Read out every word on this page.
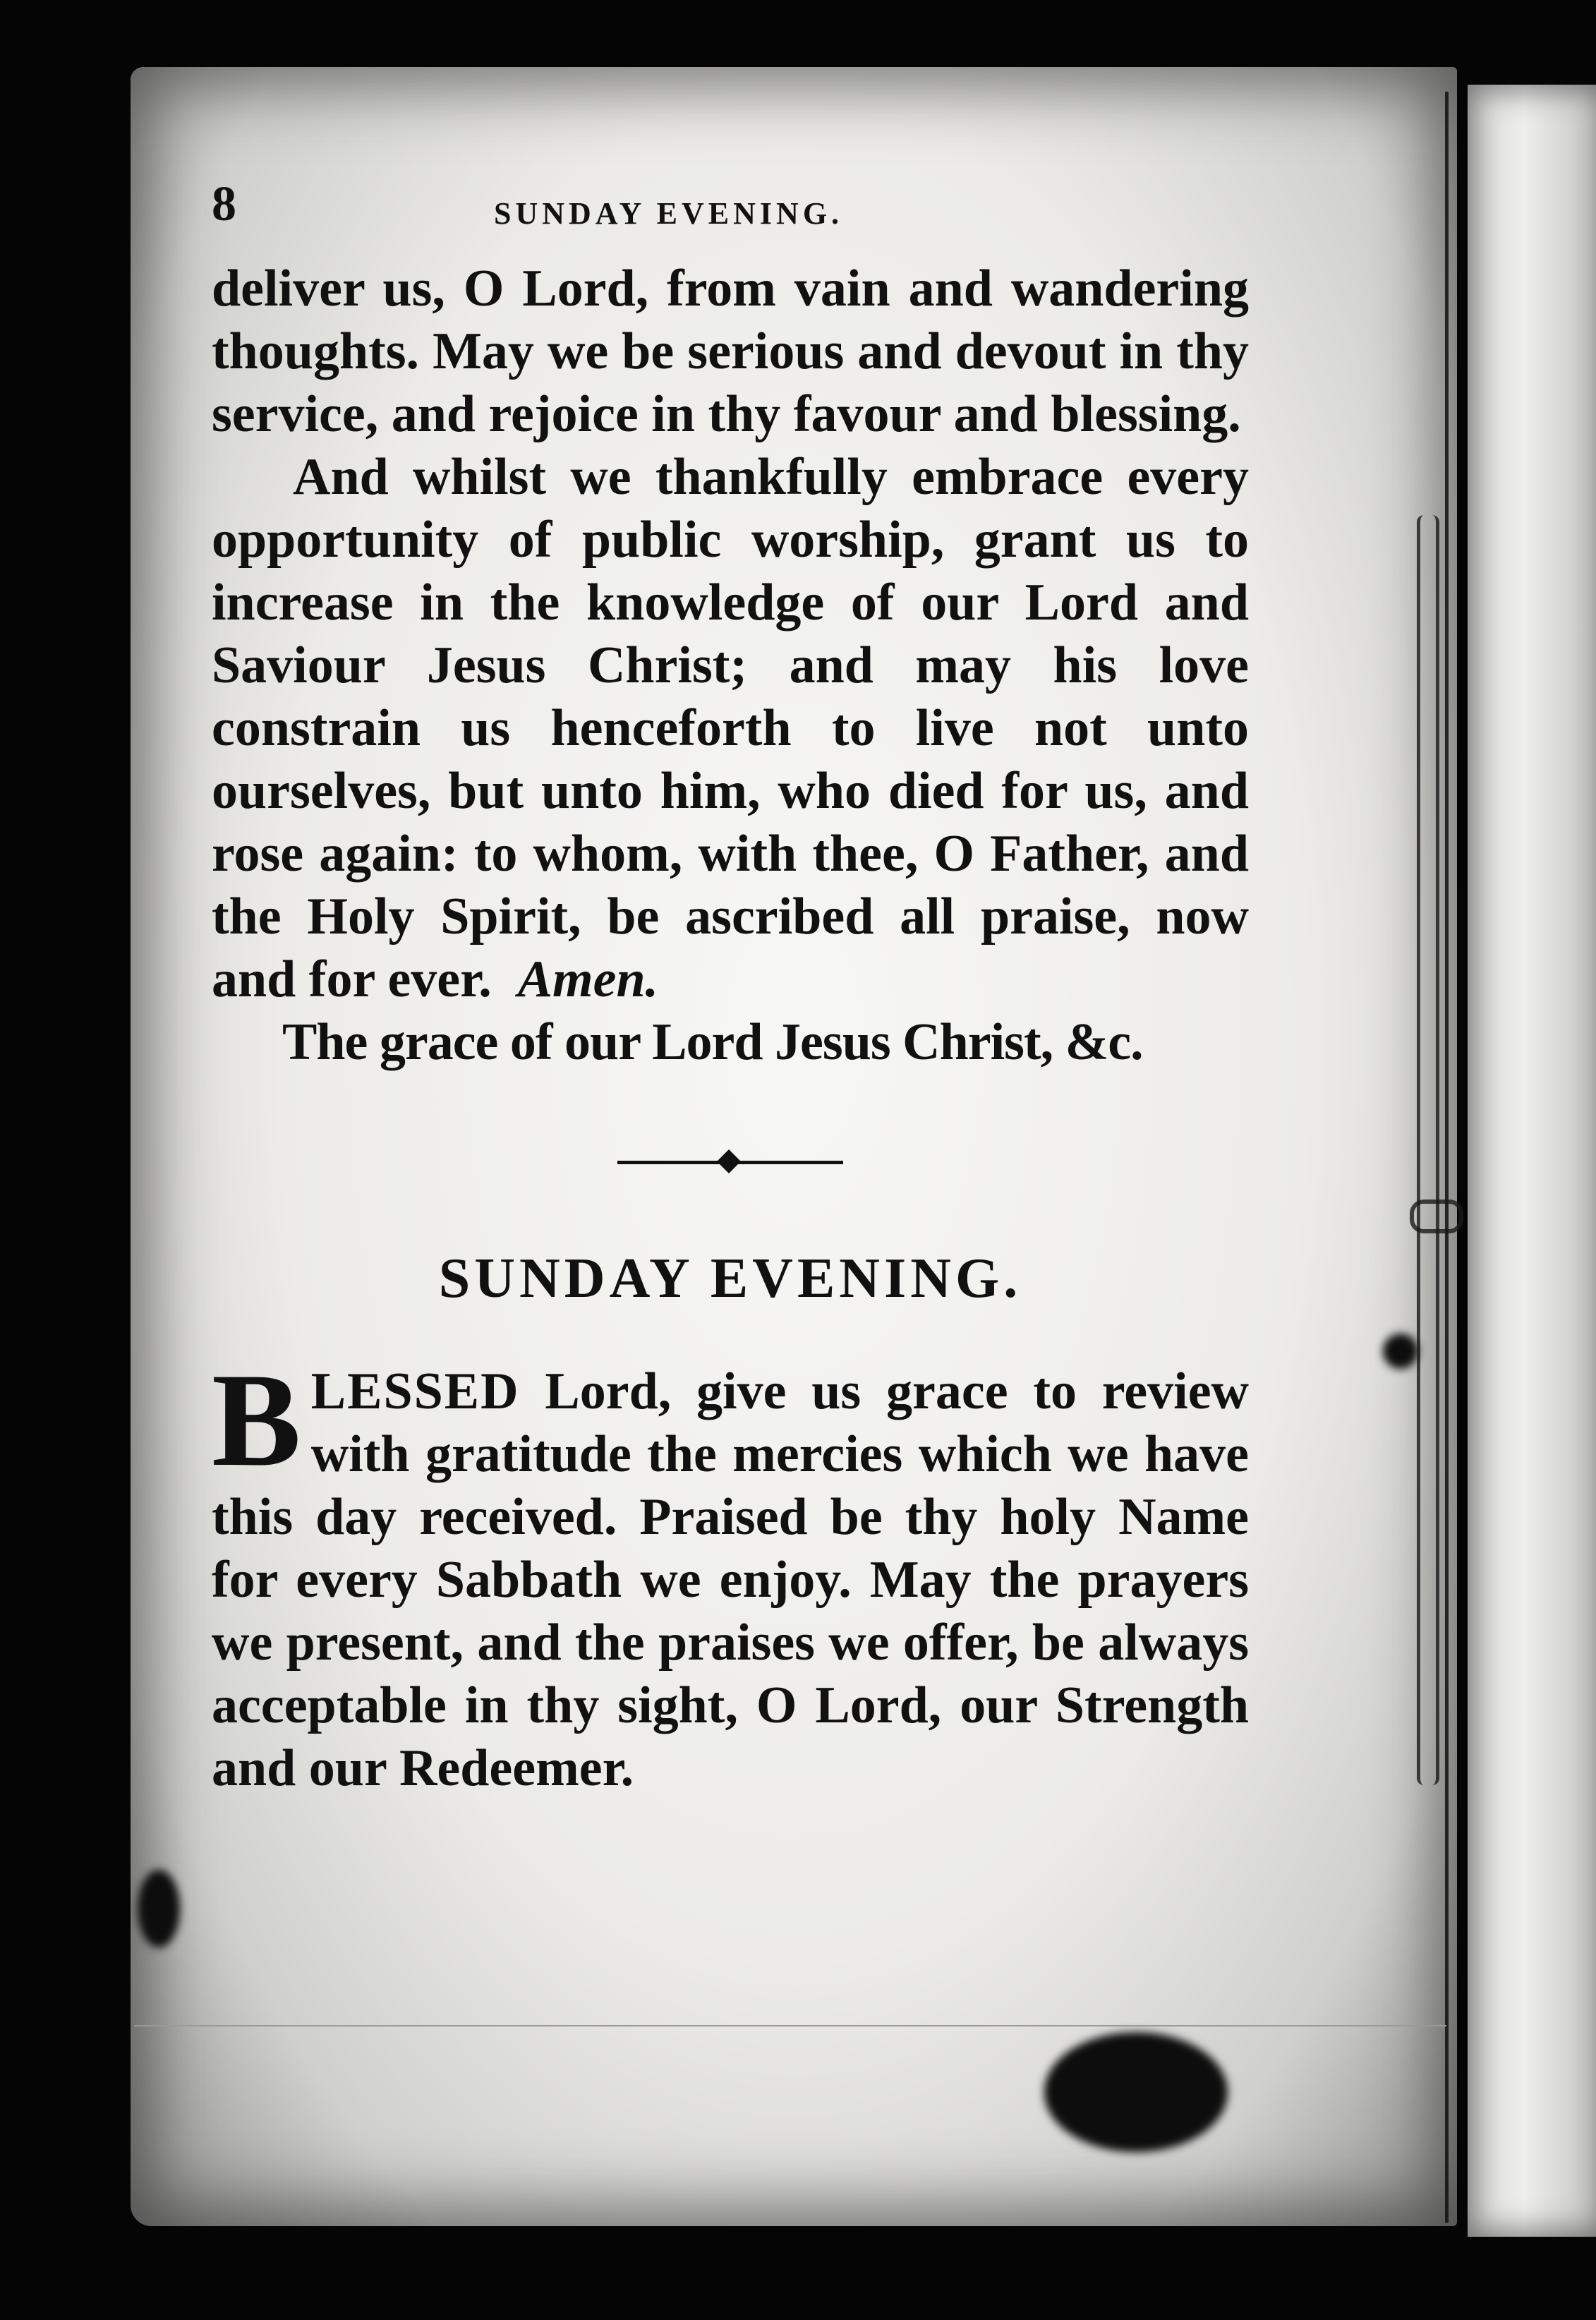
8	SUNDAY EVENING.

deliver us, O Lord, from vain and wandering thoughts. May we be serious and devout in thy service, and rejoice in thy favour and blessing.

And whilst we thankfully embrace every opportunity of public worship, grant us to increase in the knowledge of our Lord and Saviour Jesus Christ; and may his love constrain us henceforth to live not unto ourselves, but unto him, who died for us, and rose again: to whom, with thee, O Father, and the Holy Spirit, be ascribed all praise, now and for ever. Amen.

The grace of our Lord Jesus Christ, &c.

SUNDAY EVENING.

BLESSED Lord, give us grace to review with gratitude the mercies which we have this day received. Praised be thy holy Name for every Sabbath we enjoy. May the prayers we present, and the praises we offer, be always acceptable in thy sight, O Lord, our Strength and our Redeemer.
